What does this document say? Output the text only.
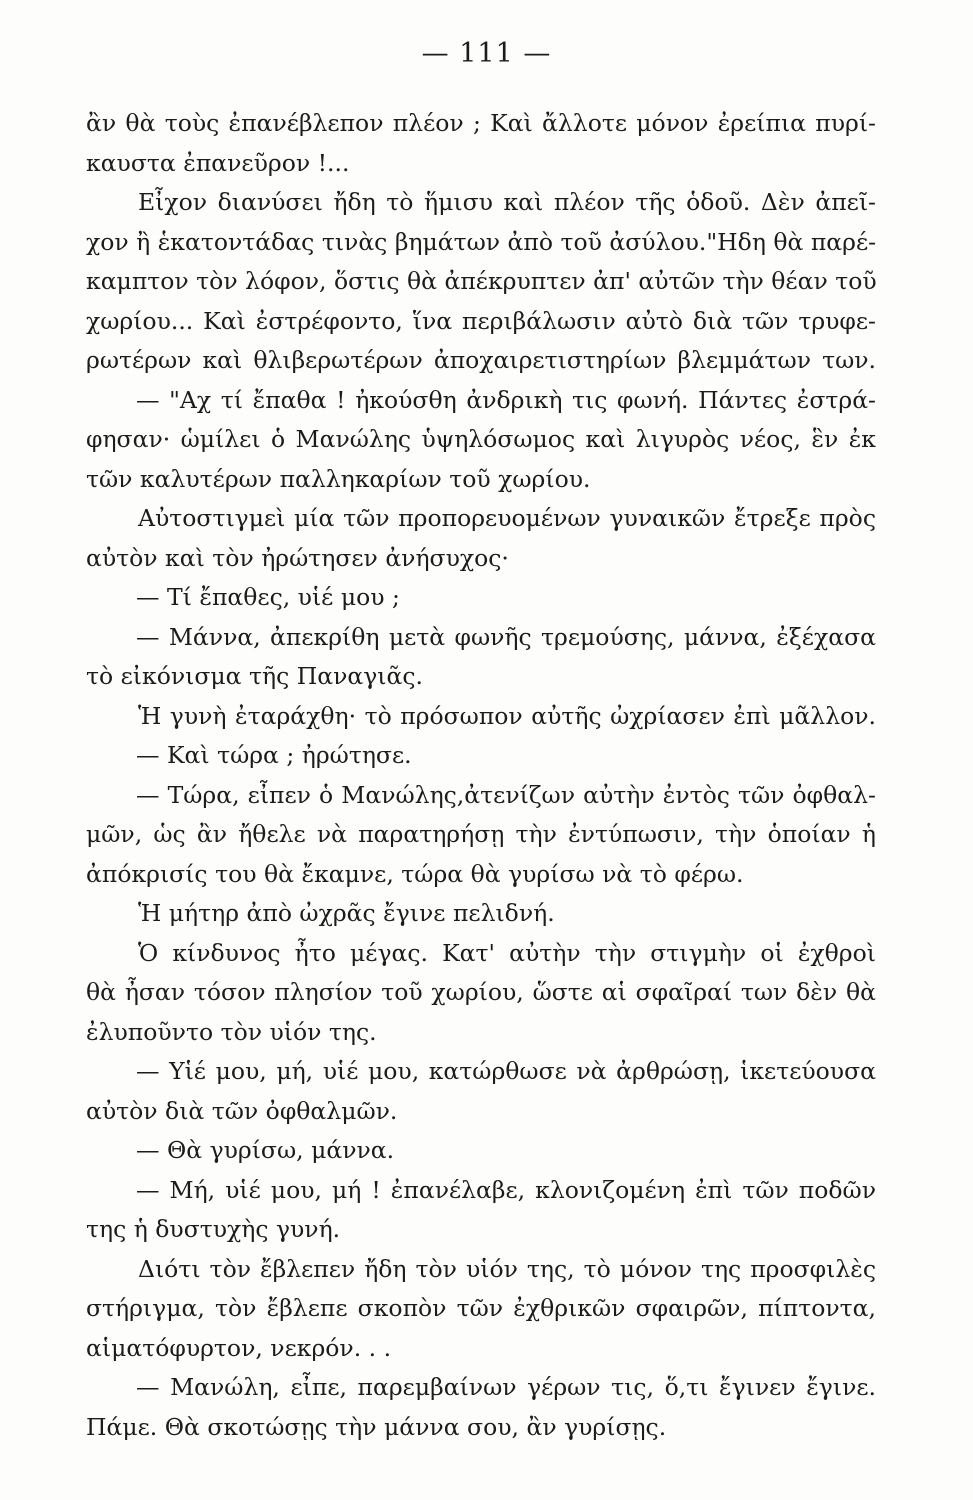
— 111 —
ἂν θὰ τοὺς ἐπανέβλεπον πλέον ; Καὶ ἄλλοτε μόνον ἐρείπια πυρί-
καυστα ἐπανεῦρον !...
Εἶχον διανύσει ἤδη τὸ ἥμισυ καὶ πλέον τῆς ὁδοῦ. Δὲν ἀπεῖ-
χον ἢ ἑκατοντάδας τινὰς βημάτων ἀπὸ τοῦ ἀσύλου."Ηδη θὰ παρέ-
καμπτον τὸν λόφον, ὅστις θὰ ἀπέκρυπτεν ἀπ' αὐτῶν τὴν θέαν τοῦ
χωρίου... Καὶ ἐστρέφοντο, ἵνα περιβάλωσιν αὐτὸ διὰ τῶν τρυφε-
ρωτέρων καὶ θλιβερωτέρων ἀποχαιρετιστηρίων βλεμμάτων των.
— "Αχ τί ἔπαθα ! ἠκούσθη ἀνδρικὴ τις φωνή. Πάντες ἐστρά-
φησαν· ὡμίλει ὁ Μανώλης ὑψηλόσωμος καὶ λιγυρὸς νέος, ἓν ἐκ
τῶν καλυτέρων παλληκαρίων τοῦ χωρίου.
Αὐτοστιγμεὶ μία τῶν προπορευομένων γυναικῶν ἔτρεξε πρὸς
αὐτὸν καὶ τὸν ἠρώτησεν ἀνήσυχος·
— Τί ἔπαθες, υἱέ μου ;
— Μάννα, ἀπεκρίθη μετὰ φωνῆς τρεμούσης, μάννα, ἐξέχασα
τὸ εἰκόνισμα τῆς Παναγιᾶς.
Ἡ γυνὴ ἐταράχθη· τὸ πρόσωπον αὐτῆς ὠχρίασεν ἐπὶ μᾶλλον.
— Καὶ τώρα ; ἠρώτησε.
— Τώρα, εἶπεν ὁ Μανώλης,ἀτενίζων αὐτὴν ἐντὸς τῶν ὀφθαλ-
μῶν, ὡς ἂν ἤθελε νὰ παρατηρήσῃ τὴν ἐντύπωσιν, τὴν ὁποίαν ἡ
ἀπόκρισίς του θὰ ἔκαμνε, τώρα θὰ γυρίσω νὰ τὸ φέρω.
Ἡ μήτηρ ἀπὸ ὠχρᾶς ἔγινε πελιδνή.
Ὁ κίνδυνος ἦτο μέγας. Κατ' αὐτὴν τὴν στιγμὴν οἱ ἐχθροὶ
θὰ ἦσαν τόσον πλησίον τοῦ χωρίου, ὥστε αἱ σφαῖραί των δὲν θὰ
ἐλυποῦντο τὸν υἱόν της.
— Υἱέ μου, μή, υἱέ μου, κατώρθωσε νὰ ἀρθρώσῃ, ἱκετεύουσα
αὐτὸν διὰ τῶν ὀφθαλμῶν.
— Θὰ γυρίσω, μάννα.
— Μή, υἱέ μου, μή ! ἐπανέλαβε, κλονιζομένη ἐπὶ τῶν ποδῶν
της ἡ δυστυχὴς γυνή.
Διότι τὸν ἔβλεπεν ἤδη τὸν υἱόν της, τὸ μόνον της προσφιλὲς
στήριγμα, τὸν ἔβλεπε σκοπὸν τῶν ἐχθρικῶν σφαιρῶν, πίπτοντα,
αἱματόφυρτον, νεκρόν. . .
— Μανώλη, εἶπε, παρεμβαίνων γέρων τις, ὅ,τι ἔγινεν ἔγινε.
Πάμε. Θὰ σκοτώσῃς τὴν μάννα σου, ἂν γυρίσῃς.
